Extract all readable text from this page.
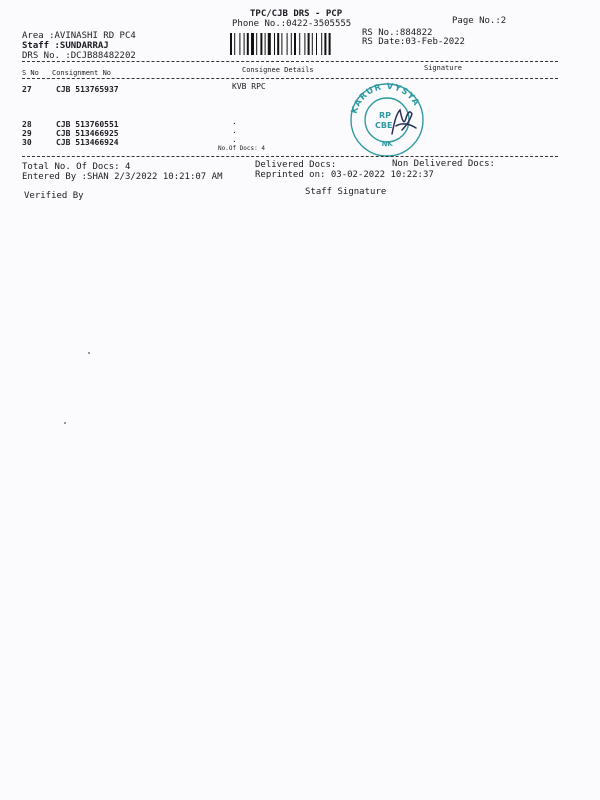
TPC/CJB DRS - PCP
Phone No.:0422-3505555	Page No.:2
Area :AVINASHI RD PC4
Staff :SUNDARRAJ
DRS No. :DCJB88482202
RS No.:884822
RS Date:03-Feb-2022
S No Consignment No	Consignee Details	Signature
27	CJB 513765937	KVB RPC
28	CJB 513760551	.
29	CJB 513466925	.
30	CJB 513466924	.
No.Of Docs: 4
KARUR VYSYA
NK
RP
CBE
Total No. Of Docs: 4	Delivered Docs:	Non Delivered Docs:
Entered By :SHAN 2/3/2022 10:21:07 AM	Reprinted on: 03-02-2022 10:22:37
Verified By	Staff Signature
